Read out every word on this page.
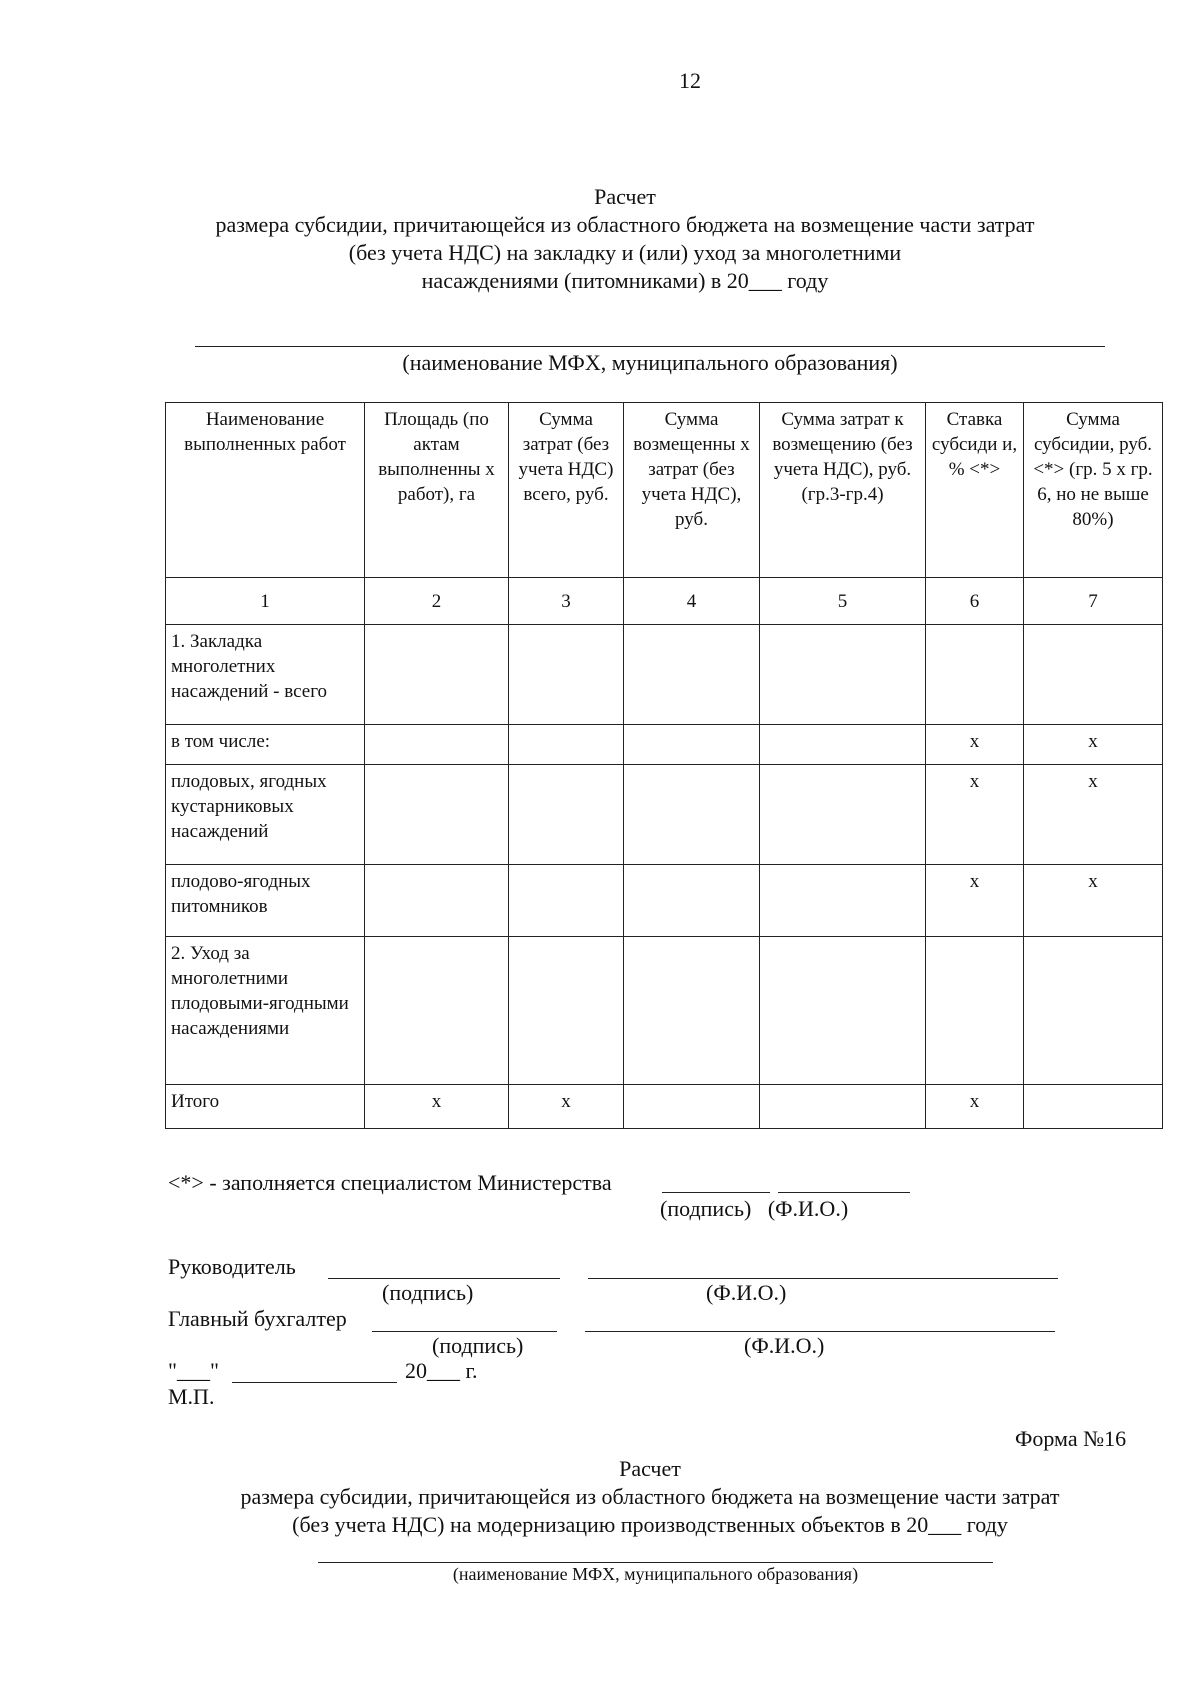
12
Расчет
размера субсидии, причитающейся из областного бюджета на возмещение части затрат
(без учета НДС) на закладку и (или) уход за многолетними
насаждениями (питомниками) в 20___ году
(наименование МФХ, муниципального образования)
Наименование выполненных работ	Площадь (по актам выполненны х работ), га	Сумма затрат (без учета НДС) всего, руб.	Сумма возмещенны х затрат (без учета НДС), руб.	Сумма затрат к возмещению (без учета НДС), руб. (гр.3-гр.4)	Ставка субсиди и, % <*>	Сумма субсидии, руб. <*> (гр. 5 х гр. 6, но не выше 80%)
1	2	3	4	5	6	7
1. Закладка многолетних насаждений - всего						
в том числе:					х	х
плодовых, ягодных кустарниковых насаждений					х	х
плодово-ягодных питомников					х	х
2. Уход за многолетними плодовыми-ягодными насаждениями						
Итого	х	х			х	
<*> - заполняется специалистом Министерства
(подпись)   (Ф.И.О.)
Руководитель
(подпись)	(Ф.И.О.)
Главный бухгалтер
(подпись)	(Ф.И.О.)
"___"	20___ г.
М.П.
Форма №16
Расчет
размера субсидии, причитающейся из областного бюджета на возмещение части затрат
(без учета НДС) на модернизацию производственных объектов в 20___ году
(наименование МФХ, муниципального образования)
